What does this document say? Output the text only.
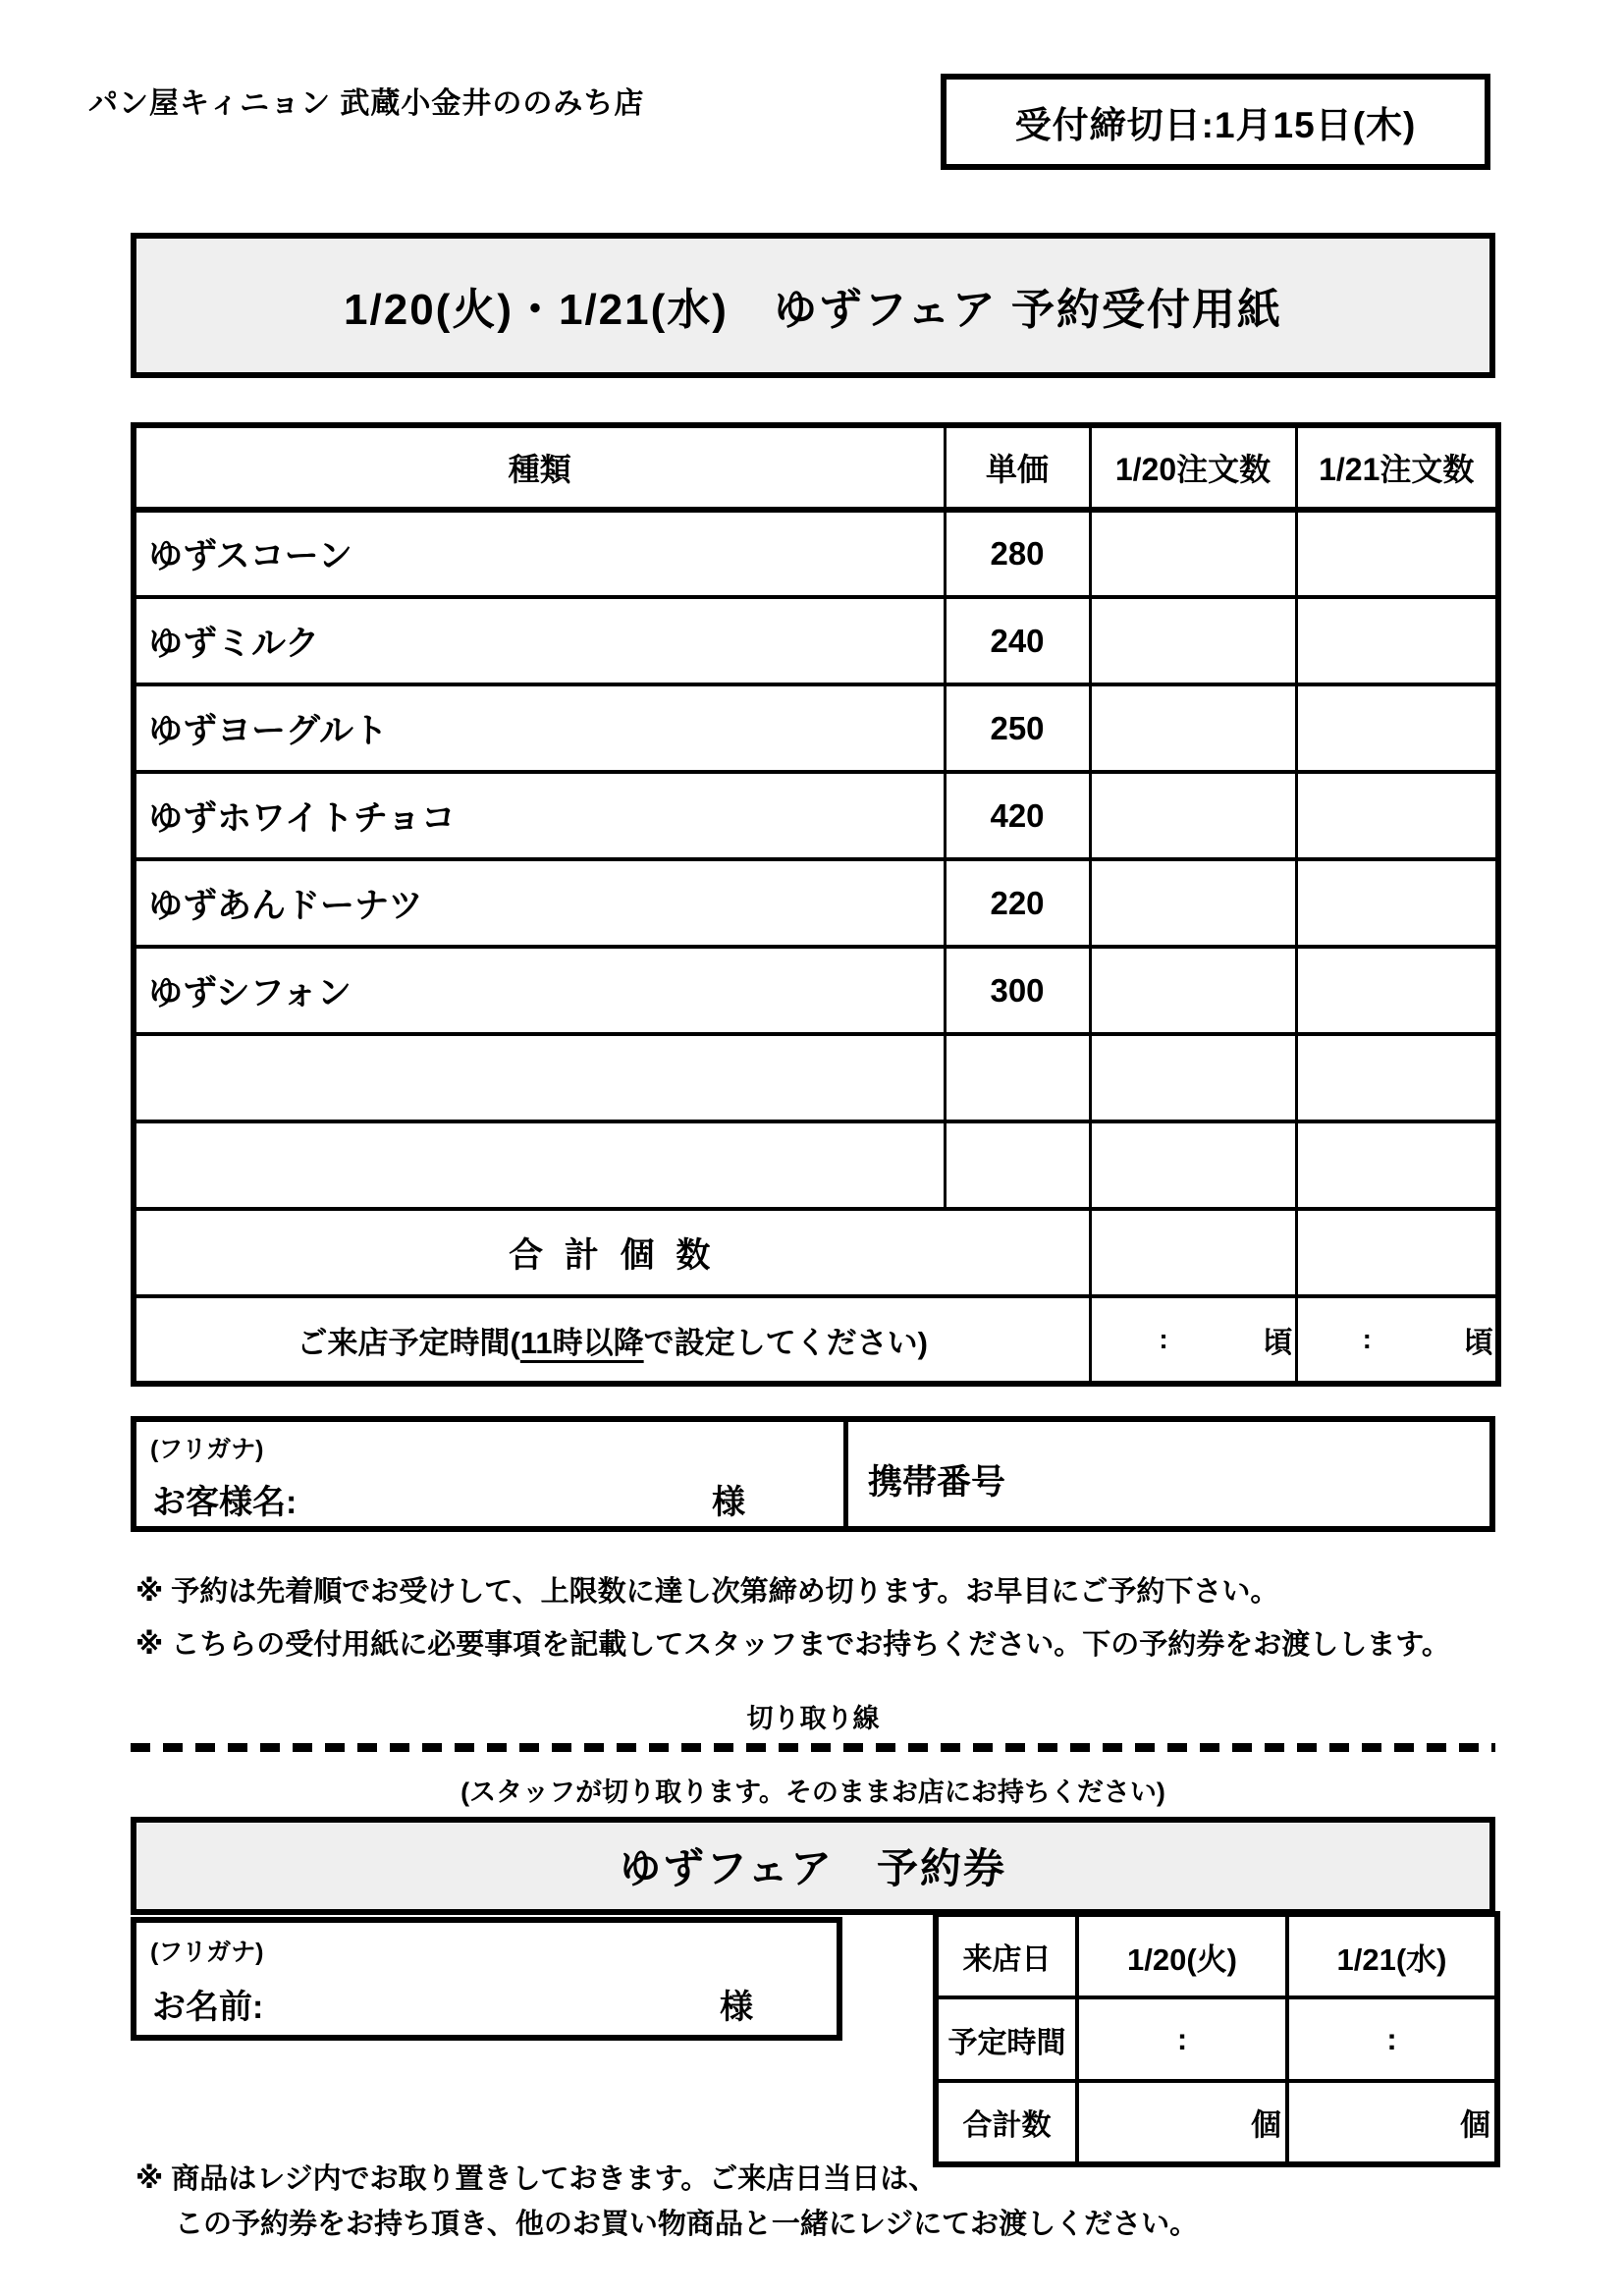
パン屋キィニョン 武蔵小金井ののみち店
受付締切日:1月15日(木)
1/20(火)・1/21(水)　ゆずフェア 予約受付用紙
種類	単価	1/20注文数	1/21注文数
ゆずスコーン	280		
ゆずミルク	240		
ゆずヨーグルト	250		
ゆずホワイトチョコ	420		
ゆずあんドーナツ	220		
ゆずシフォン	300		

合 計 個 数			
ご来店予定時間(11時以降で設定してください)		: 頃	: 頃
(フリガナ)
お客様名:	様
携帯番号
※ 予約は先着順でお受けして、上限数に達し次第締め切ります。お早目にご予約下さい。
※ こちらの受付用紙に必要事項を記載してスタッフまでお持ちください。下の予約券をお渡しします。
切り取り線
(スタッフが切り取ります。そのままお店にお持ちください)
ゆずフェア　予約券
(フリガナ)
お名前:	様
来店日	1/20(火)	1/21(水)
予定時間	:	:
合計数	個	個
※ 商品はレジ内でお取り置きしておきます。ご来店日当日は、
この予約券をお持ち頂き、他のお買い物商品と一緒にレジにてお渡しください。
